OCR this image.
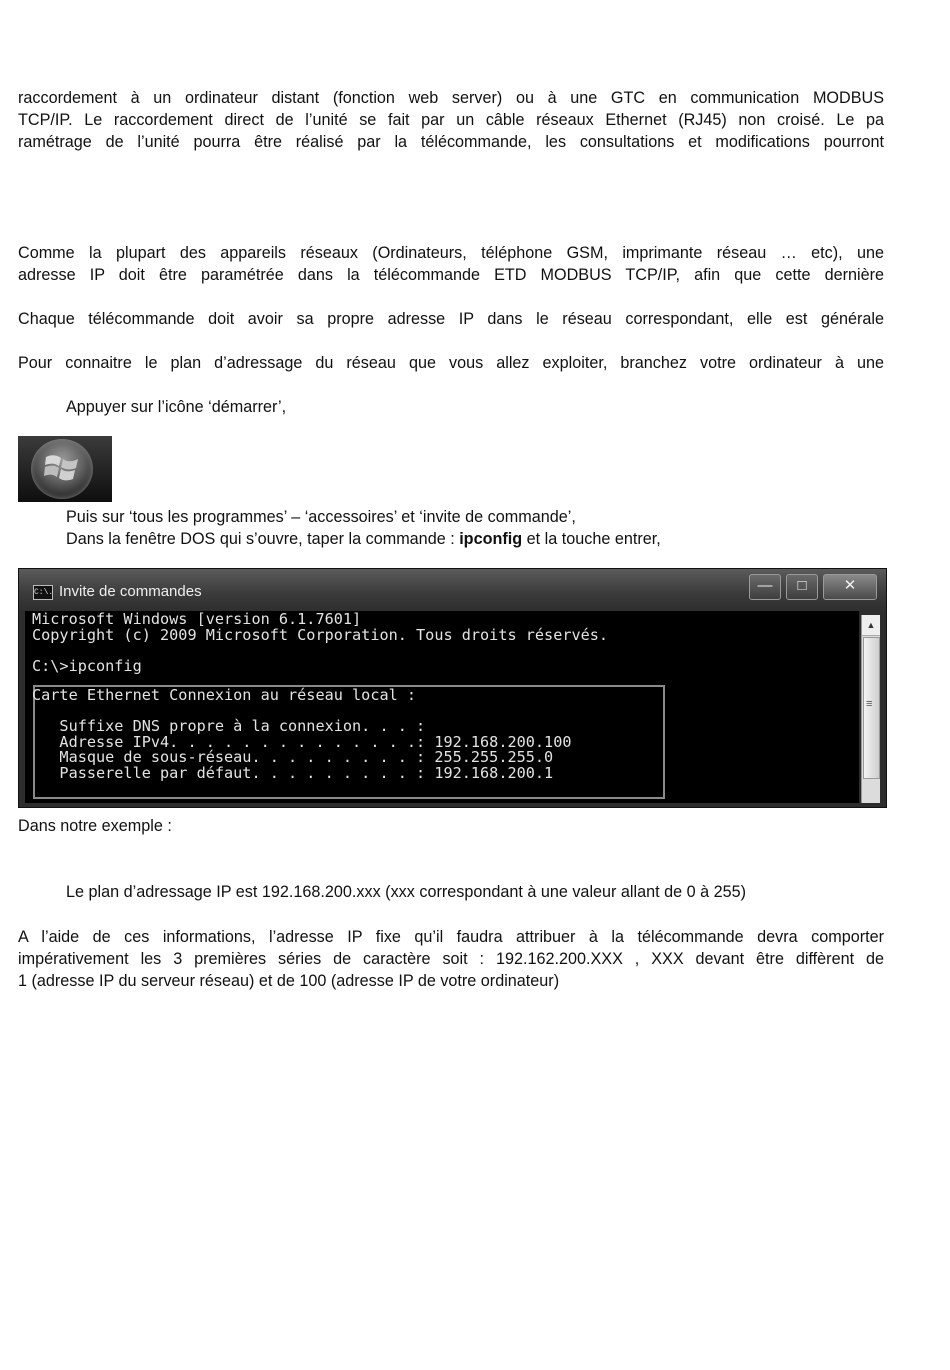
raccordement à un ordinateur distant (fonction web server) ou à une GTC en communication MODBUS
TCP/IP. Le raccordement direct de l’unité se fait par un câble réseaux Ethernet (RJ45) non croisé. Le pa
ramétrage de l’unité pourra être réalisé par la télécommande, les consultations et modifications pourront
Comme la plupart des appareils réseaux (Ordinateurs, téléphone GSM, imprimante réseau … etc), une
adresse IP doit être paramétrée dans la télécommande ETD MODBUS TCP/IP, afin que cette dernière
Chaque télécommande doit avoir sa propre adresse IP dans le réseau correspondant, elle est générale
Pour connaitre le plan d’adressage du réseau que vous allez exploiter, branchez votre ordinateur à une

Appuyer sur l’icône ‘démarrer’,

Puis sur ‘tous les programmes’ – ‘accessoires’ et ‘invite de commande’,

Dans la fenêtre DOS qui s’ouvre, taper la commande : ipconfig et la touche entrer,

C:\. Invite de commandes	—	□	✕
Microsoft Windows [version 6.1.7601]
Copyright (c) 2009 Microsoft Corporation. Tous droits réservés.

C:\>ipconfig
Carte Ethernet Connexion au réseau local :

Suffixe DNS propre à la connexion. . . :
Adresse IPv4. . . . . . . . . . . . . .: 192.168.200.100
Masque de sous-réseau. . . . . . . . . : 255.255.255.0
Passerelle par défaut. . . . . . . . . : 192.168.200.1
▲
≡

Dans notre exemple :

Le plan d’adressage IP est 192.168.200.xxx (xxx correspondant à une valeur allant de 0 à 255)

A l’aide de ces informations, l’adresse IP fixe qu’il faudra attribuer à la télécommande devra comporter
impérativement les 3 premières séries de caractère soit : 192.162.200.XXX , XXX devant être diffèrent de
1 (adresse IP du serveur réseau) et de 100 (adresse IP de votre ordinateur)
